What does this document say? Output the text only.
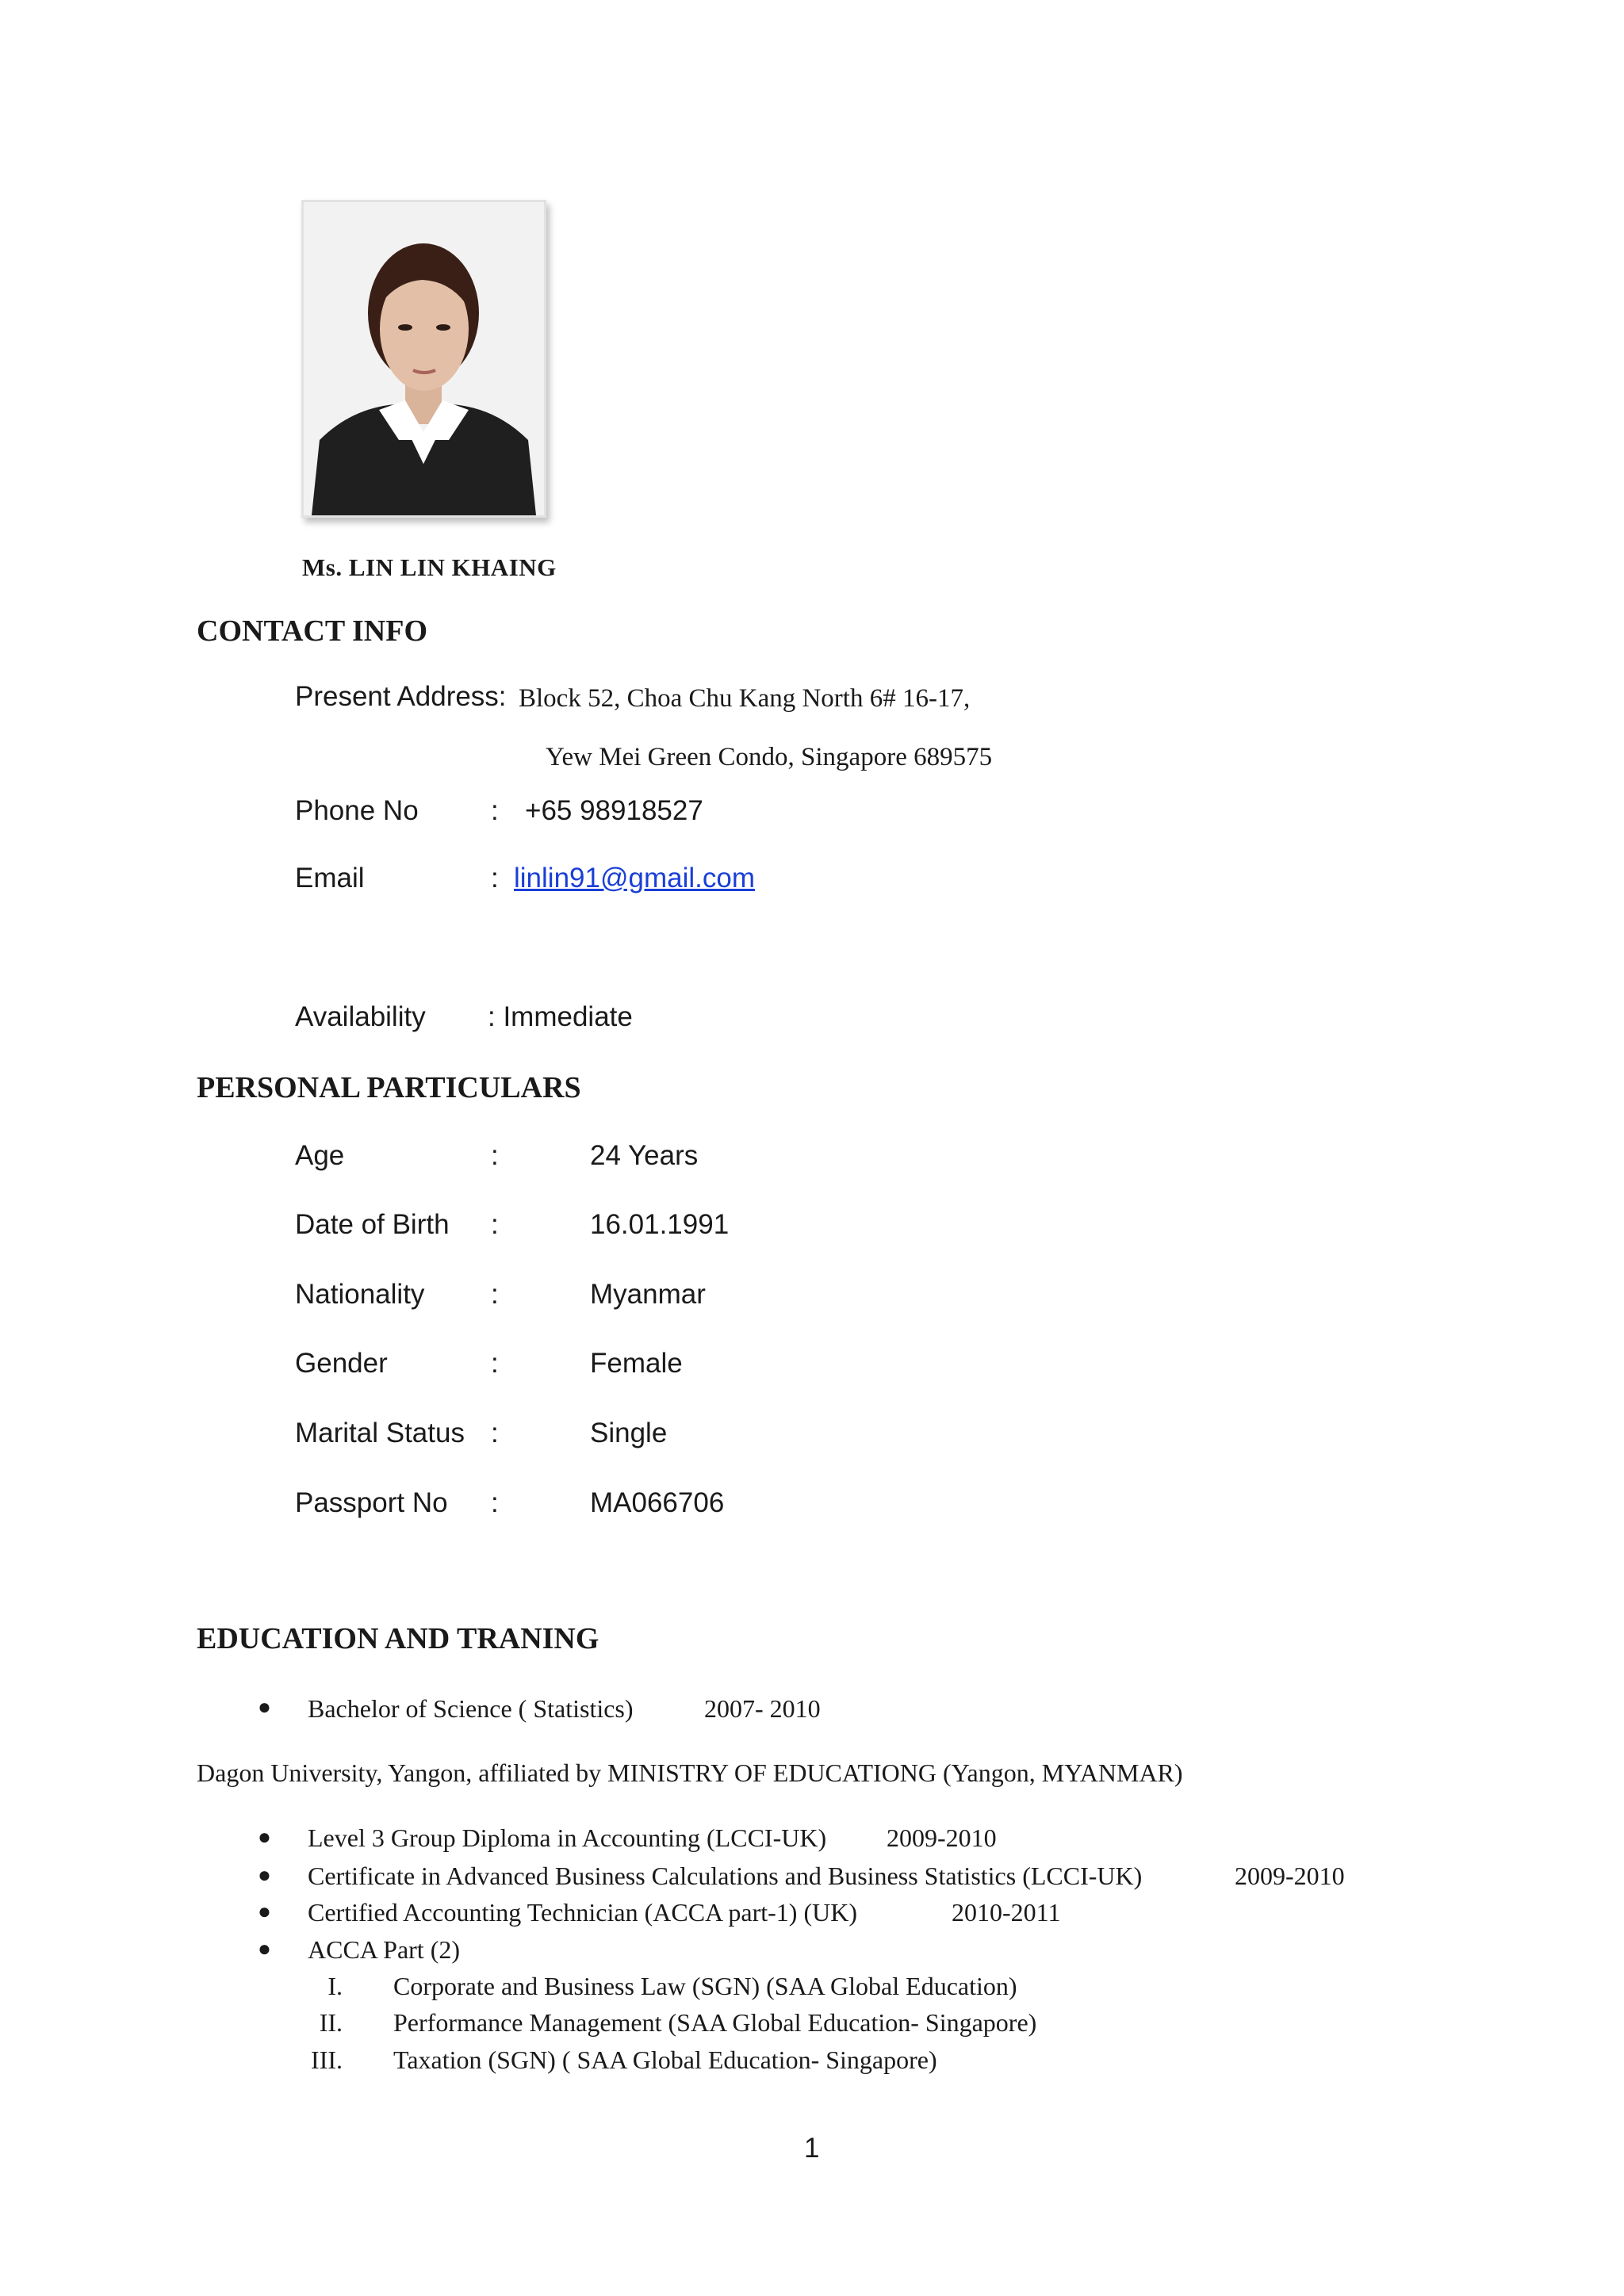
Ms. LIN LIN KHAING
CONTACT INFO
Present Address: Block 52, Choa Chu Kang North 6# 16-17,
Yew Mei Green Condo, Singapore 689575
Phone No	: +65 98918527
Email	: linlin91@gmail.com
Availability : Immediate
PERSONAL PARTICULARS
Age	:	24 Years
Date of Birth :	16.01.1991
Nationality :	Myanmar
Gender	:	Female
Marital Status :	Single
Passport No :	MA066706
EDUCATION AND TRANING
● Bachelor of Science ( Statistics)	2007- 2010
Dagon University, Yangon, affiliated by MINISTRY OF EDUCATIONG (Yangon, MYANMAR)
● Level 3 Group Diploma in Accounting (LCCI-UK) 2009-2010
● Certificate in Advanced Business Calculations and Business Statistics (LCCI-UK)	2009-2010
● Certified Accounting Technician (ACCA part-1) (UK)	2010-2011
● ACCA Part (2)
I. Corporate and Business Law (SGN) (SAA Global Education)
II. Performance Management (SAA Global Education- Singapore)
III. Taxation (SGN) ( SAA Global Education- Singapore)
1
